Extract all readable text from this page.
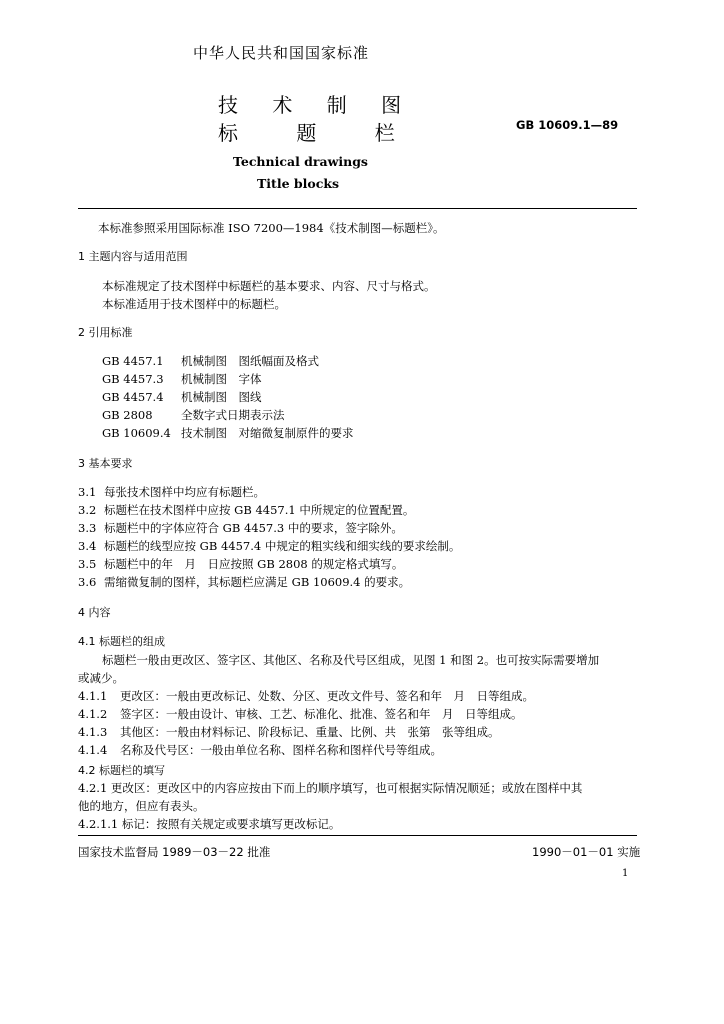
中华人民共和国国家标准
技 术 制 图
标 题 栏	GB 10609.1—89
Technical drawings
Title blocks
本标准参照采用国际标准 ISO 7200—1984《技术制图—标题栏》。
1 主题内容与适用范围
本标准规定了技术图样中标题栏的基本要求、内容、尺寸与格式。
本标准适用于技术图样中的标题栏。
2 引用标准
GB 4457.1 机械制图　图纸幅面及格式
GB 4457.3 机械制图　字体
GB 4457.4 机械制图　图线
GB 2808 全数字式日期表示法
GB 10609.4 技术制图　对缩微复制原件的要求
3 基本要求
3.1 每张技术图样中均应有标题栏。
3.2 标题栏在技术图样中应按 GB 4457.1 中所规定的位置配置。
3.3 标题栏中的字体应符合 GB 4457.3 中的要求，签字除外。
3.4 标题栏的线型应按 GB 4457.4 中规定的粗实线和细实线的要求绘制。
3.5 标题栏中的年　月　日应按照 GB 2808 的规定格式填写。
3.6 需缩微复制的图样，其标题栏应满足 GB 10609.4 的要求。
4 内容
4.1 标题栏的组成
标题栏一般由更改区、签字区、其他区、名称及代号区组成，见图 1 和图 2。也可按实际需要增加
或减少。
4.1.1 更改区：一般由更改标记、处数、分区、更改文件号、签名和年　月　日等组成。
4.1.2 签字区：一般由设计、审核、工艺、标准化、批准、签名和年　月　日等组成。
4.1.3 其他区：一般由材料标记、阶段标记、重量、比例、共　张第　张等组成。
4.1.4 名称及代号区：一般由单位名称、图样名称和图样代号等组成。
4.2 标题栏的填写
4.2.1 更改区：更改区中的内容应按由下而上的顺序填写，也可根据实际情况顺延；或放在图样中其
他的地方，但应有表头。
4.2.1.1 标记：按照有关规定或要求填写更改标记。
国家技术监督局 1989－03－22 批准	1990－01－01 实施
1
